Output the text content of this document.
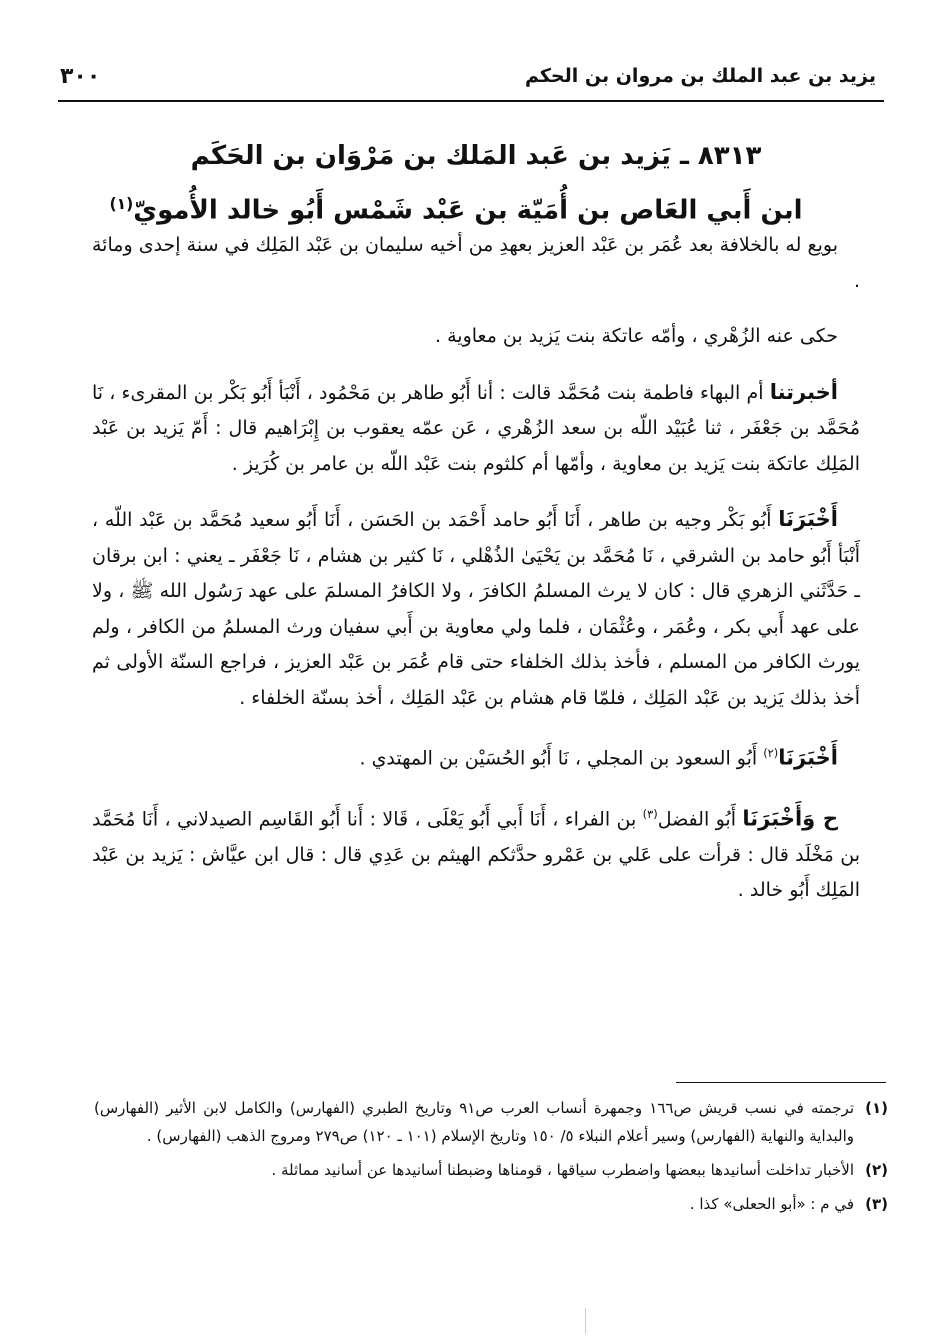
يزيد بن عبد الملك بن مروان بن الحكم
٣٠٠
٨٣١٣ ـ يَزيد بن عَبد المَلك بن مَرْوَان بن الحَكَم
ابن أَبي العَاص بن أُمَيّة بن عَبْد شَمْس أَبُو خالد الأُمويّ$^{(١)}$

بويع له بالخلافة بعد عُمَر بن عَبْد العزيز بعهدِ من أخيه سليمان بن عَبْد المَلِك في سنة إحدى ومائة .

حكى عنه الزُهْري ، وأمّه عاتكة بنت يَزيد بن معاوية .

أخبرتنا أم البهاء فاطمة بنت مُحَمَّد قالت : أنا أَبُو طاهر بن مَحْمُود ، أَنْبَأ أَبُو بَكْر بن المقرىء ، نَا مُحَمَّد بن جَعْفَر ، ثنا عُبَيْد اللّه بن سعد الزُهْري ، عَن عمّه يعقوب بن إِبْرَاهيم قال : أَمّ يَزيد بن عَبْد المَلِك عاتكة بنت يَزيد بن معاوية ، وأمّها أم كلثوم بنت عَبْد اللّه بن عامر بن كُرَيز .

أَخْبَرَنَا أَبُو بَكْر وجيه بن طاهر ، أَنَا أَبُو حامد أَحْمَد بن الحَسَن ، أَنَا أَبُو سعيد مُحَمَّد بن عَبْد اللّه ، أَنْبَأ أَبُو حامد بن الشرقي ، نَا مُحَمَّد بن يَحْيَىٰ الذُهْلي ، نَا كثير بن هشام ، نَا جَعْفَر ـ يعني : ابن برقان ـ حَدَّثَني الزهري قال : كان لا يرث المسلمُ الكافرَ ، ولا الكافرُ المسلمَ على عهد رَسُول الله ﷺ ، ولا على عهد أَبي بكر ، وعُمَر ، وعُثْمَان ، فلما ولي معاوية بن أَبي سفيان ورث المسلمُ من الكافر ، ولم يورث الكافر من المسلم ، فأخذ بذلك الخلفاء حتى قام عُمَر بن عَبْد العزيز ، فراجع السنّة الأولى ثم أخذ بذلك يَزيد بن عَبْد المَلِك ، فلمّا قام هشام بن عَبْد المَلِك ، أخذ بسنّة الخلفاء .

أَخْبَرَنَا$^{(٢)}$ أَبُو السعود بن المجلي ، نَا أَبُو الحُسَيْن بن المهتدي .

ح وَأَخْبَرَنَا أَبُو الفضل$^{(٣)}$ بن الفراء ، أَنَا أَبي أَبُو يَعْلَى ، قَالا : أَنا أَبُو القَاسِم الصيدلاني ، أَنَا مُحَمَّد بن مَخْلَد قال : قرأت على عَلي بن عَمْرو حدَّثكم الهيثم بن عَدِي قال : قال ابن عيَّاش : يَزيد بن عَبْد المَلِك أَبُو خالد .

(١)
ترجمته في نسب قريش ص١٦٦ وجمهرة أنساب العرب ص٩١ وتاريخ الطبري (الفهارس) والكامل لابن الأثير (الفهارس) والبداية والنهاية (الفهارس) وسير أعلام النبلاء ٥/ ١٥٠ وتاريخ الإسلام (١٠١ ـ ١٢٠) ص٢٧٩ ومروج الذهب (الفهارس) .
(٢)
الأخبار تداخلت أسانيدها ببعضها واضطرب سياقها ، قومناها وضبطنا أسانيدها عن أسانيد مماثلة .
(٣)
في م : «أبو الحعلى» كذا .
